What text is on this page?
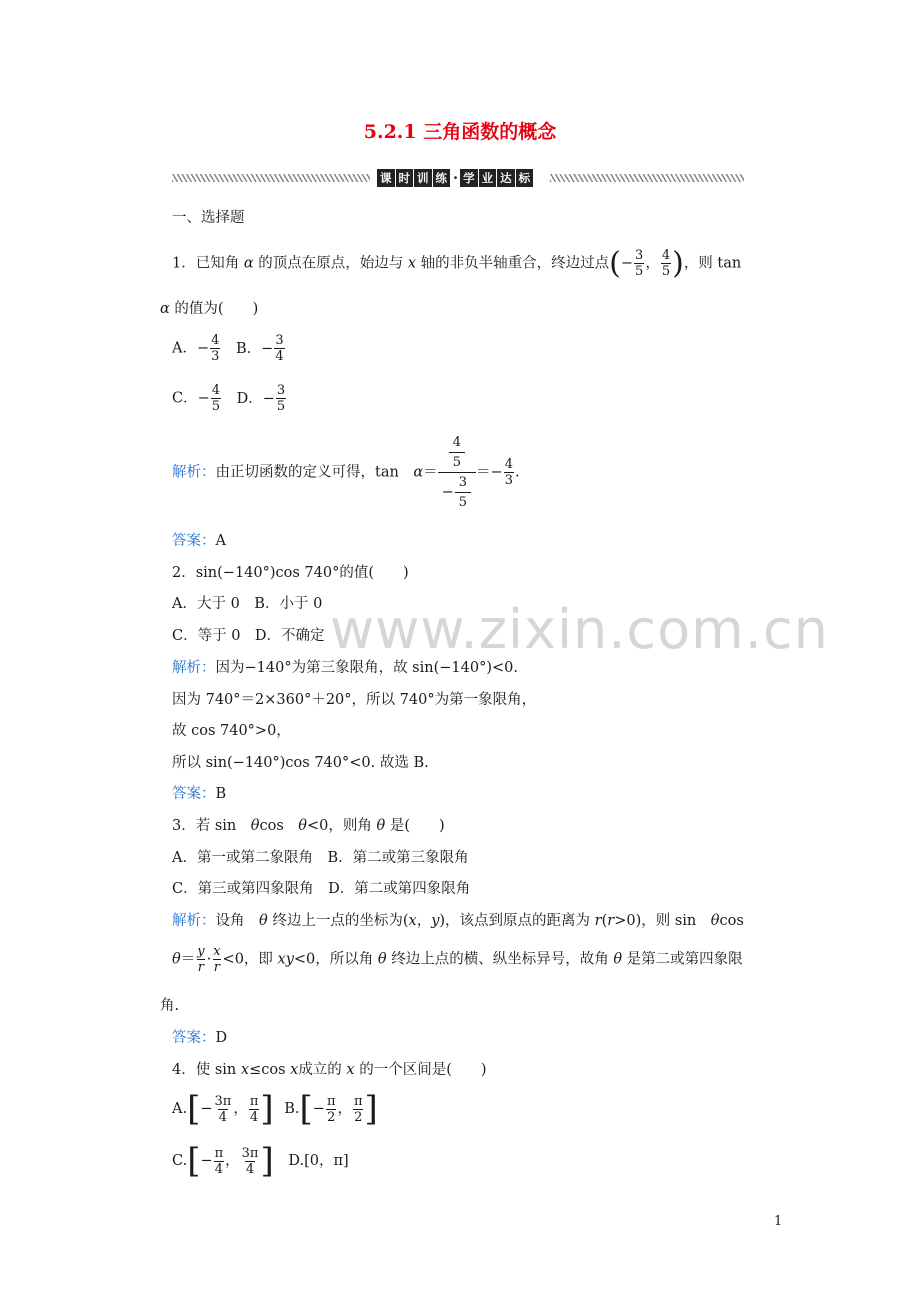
5.2.1 三角函数的概念
课 时 训 练 · 学 业 达 标
一、选择题
1．已知角 α 的顶点在原点，始边与 x 轴的非负半轴重合，终边过点(− $\frac{3}{5}$ ， $\frac{4}{5}$ )，则 tan
α 的值为(　　)
A．− $\frac{4}{3}$ B．− $\frac{3}{4}$
C．− $\frac{4}{5}$ D．− $\frac{3}{5}$
解析：由正切函数的定义可得，tan　$\alpha= \frac{\frac{4}{5}}{- \frac{3}{5}} =- \frac{4}{3}$ .
答案：A
2．sin(−140°)cos 740°的值(　　)
A．大于 0　B．小于 0
C．等于 0　D．不确定
解析：因为−140°为第三象限角，故 sin(−140°)<0.
因为 740°＝2×360°＋20°，所以 740°为第一象限角，
故 cos 740°>0，
所以 sin(−140°)cos 740°<0. 故选 B.
答案：B
3．若 sin　θcos　θ<0，则角 θ 是(　　)
A．第一或第二象限角　B．第二或第三象限角
C．第三或第四象限角　D．第二或第四象限角
解析：设角　θ 终边上一点的坐标为(x，y)，该点到原点的距离为 r(r>0)，则 sin　θcos
$\theta= \frac{y}{r} \cdot \frac{x}{r} <0$，即 xy<0，所以角 θ 终边上点的横、纵坐标异号，故角 θ 是第二或第四象限
角.
答案：D
4．使 sin x≤cos x成立的 x 的一个区间是(　　)
$A.[- \frac{3\pi}{4}$ ， $\frac{\pi}{4}$ ] $B.[- \frac{\pi}{2}$ ， $\frac{\pi}{2}$ ]
$C.[- \frac{\pi}{4}$ ， $\frac{3\pi}{4}$ ] D.[0，π]
www.zixin.com.cn
1
